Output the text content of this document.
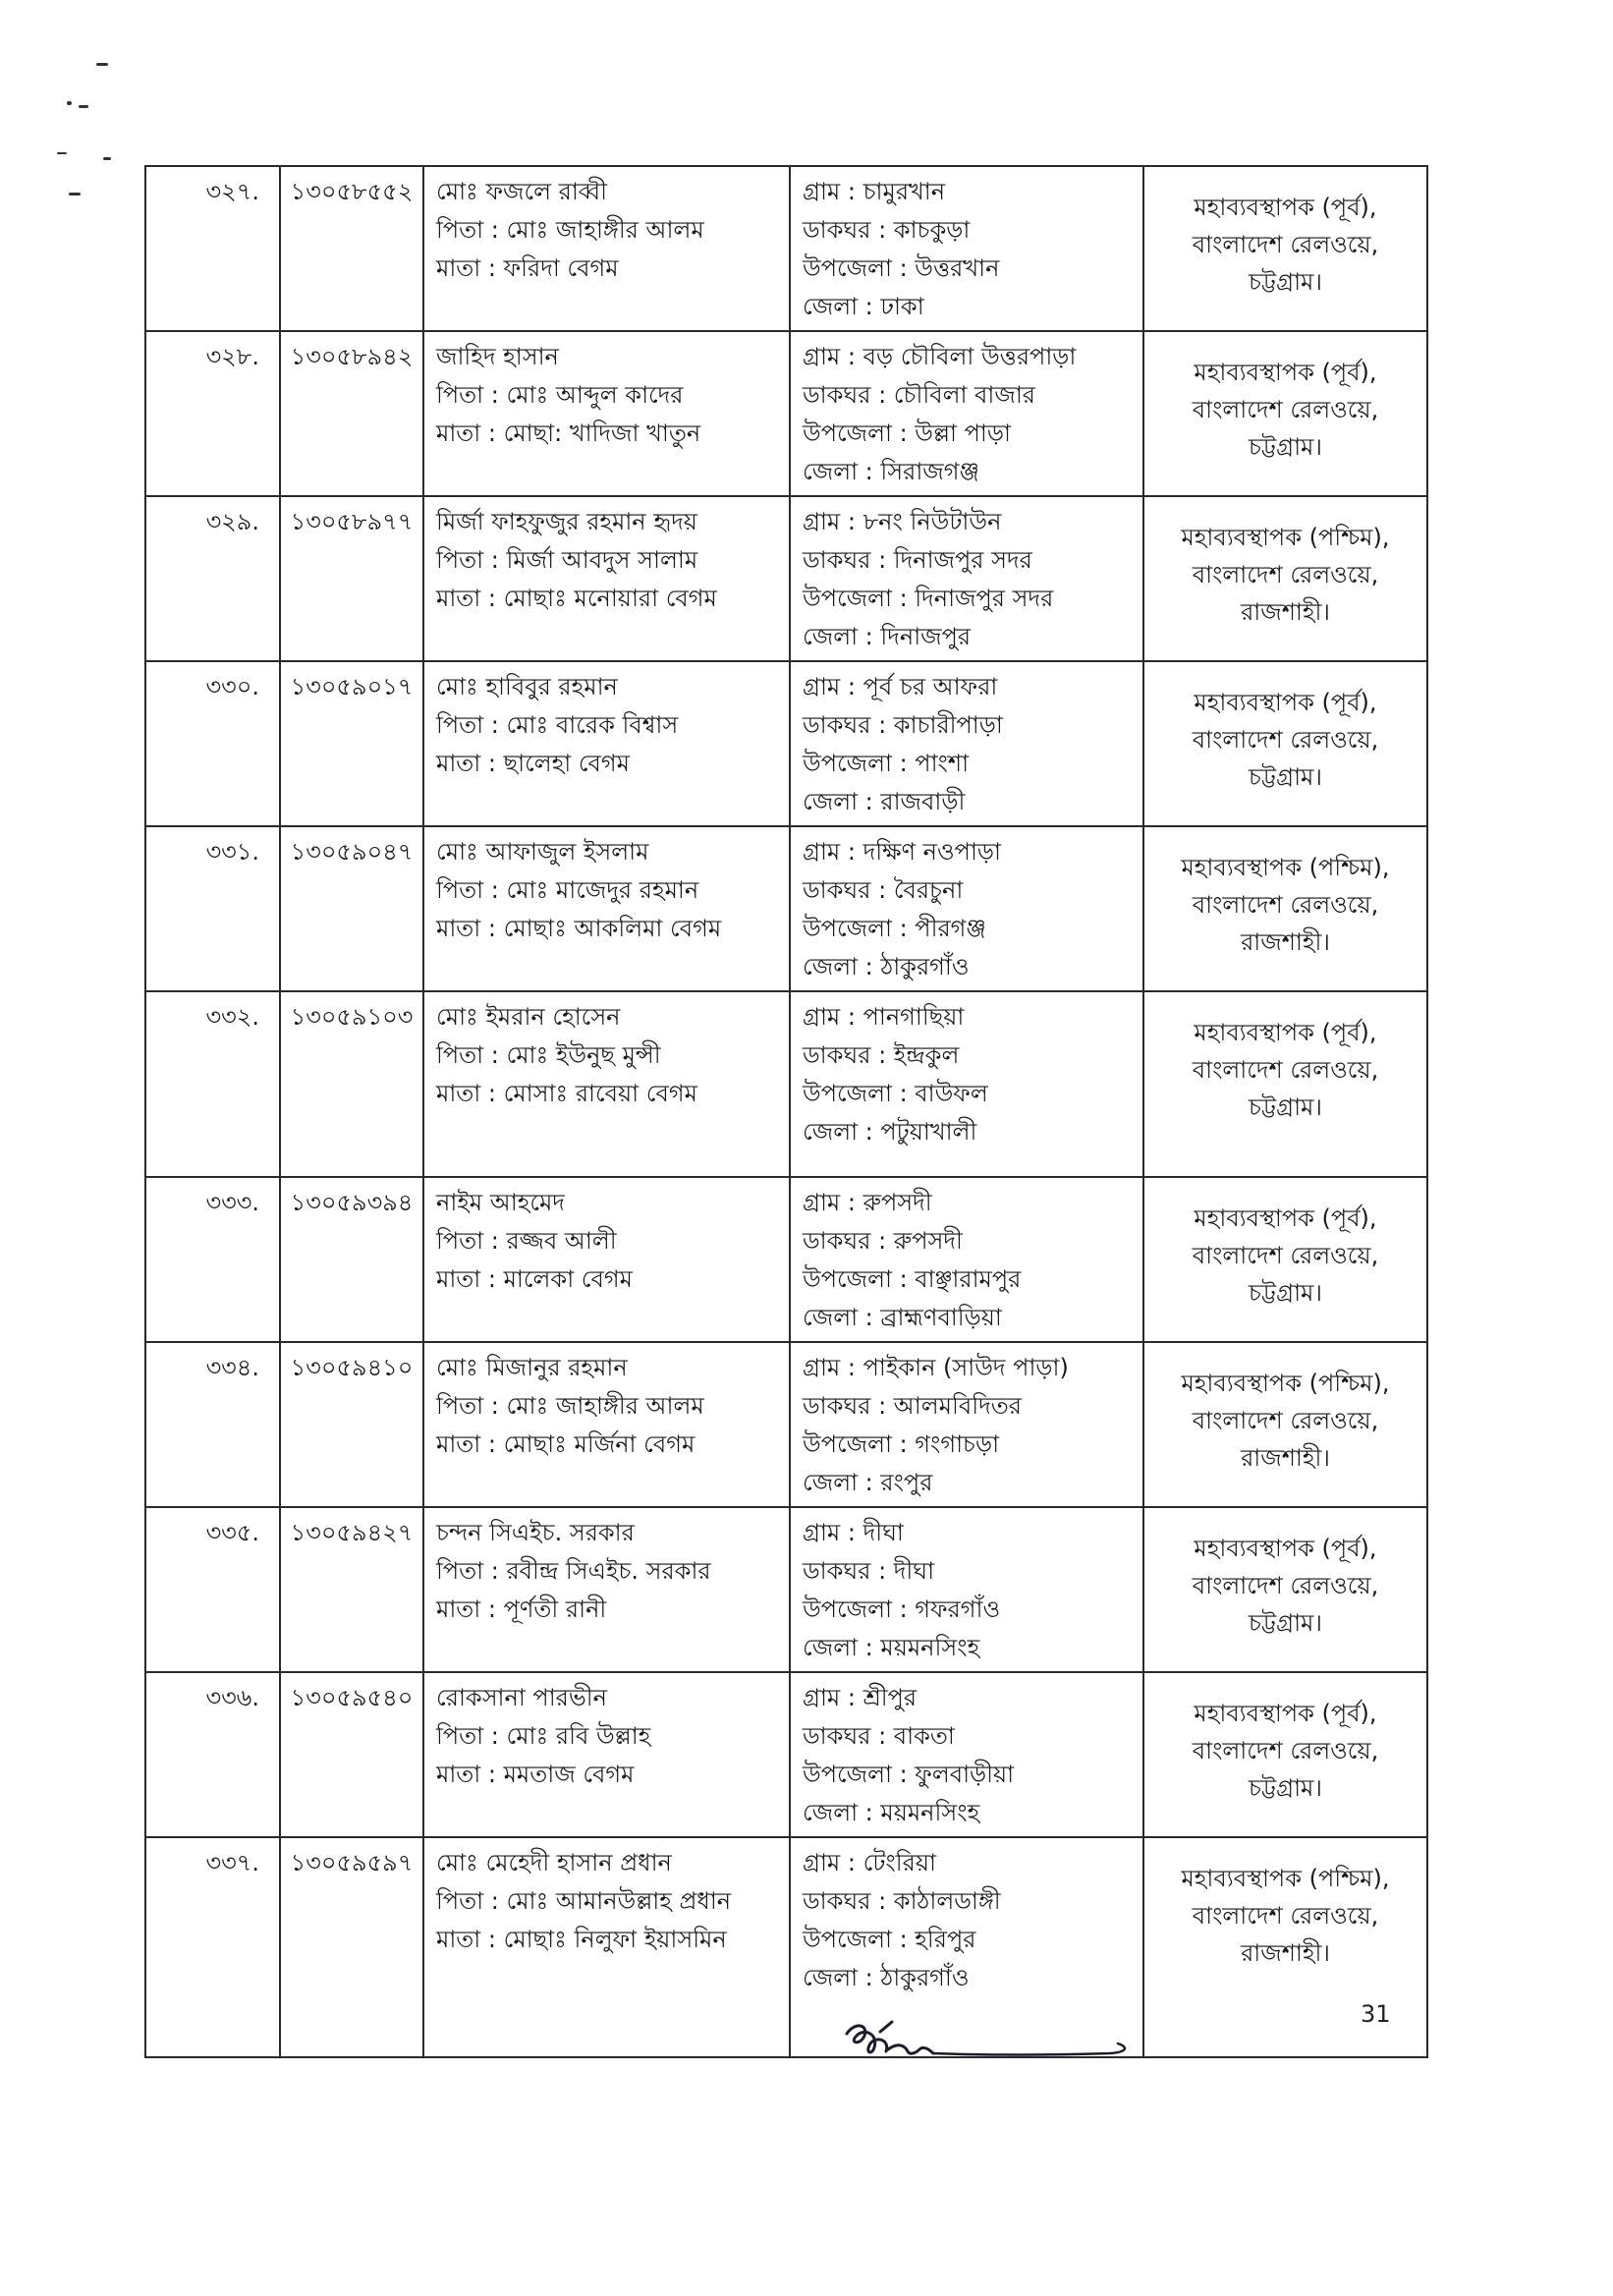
৩২৭.	১৩০৫৮৫৫২	মোঃ ফজলে রাব্বী
পিতা : মোঃ জাহাঙ্গীর আলম
মাতা : ফরিদা বেগম	গ্রাম : চামুরখান
ডাকঘর : কাচকুড়া
উপজেলা : উত্তরখান
জেলা : ঢাকা	মহাব্যবস্থাপক (পূর্ব),
বাংলাদেশ রেলওয়ে,
চট্টগ্রাম।

৩২৮.	১৩০৫৮৯৪২	জাহিদ হাসান
পিতা : মোঃ আব্দুল কাদের
মাতা : মোছা: খাদিজা খাতুন	গ্রাম : বড় চৌবিলা উত্তরপাড়া
ডাকঘর : চৌবিলা বাজার
উপজেলা : উল্লা পাড়া
জেলা : সিরাজগঞ্জ	মহাব্যবস্থাপক (পূর্ব),
বাংলাদেশ রেলওয়ে,
চট্টগ্রাম।

৩২৯.	১৩০৫৮৯৭৭	মির্জা ফাহফুজুর রহমান হৃদয়
পিতা : মির্জা আবদুস সালাম
মাতা : মোছাঃ মনোয়ারা বেগম	গ্রাম : ৮নং নিউটাউন
ডাকঘর : দিনাজপুর সদর
উপজেলা : দিনাজপুর সদর
জেলা : দিনাজপুর	মহাব্যবস্থাপক (পশ্চিম),
বাংলাদেশ রেলওয়ে,
রাজশাহী।

৩৩০.	১৩০৫৯০১৭	মোঃ হাবিবুর রহমান
পিতা : মোঃ বারেক বিশ্বাস
মাতা : ছালেহা বেগম	গ্রাম : পূর্ব চর আফরা
ডাকঘর : কাচারীপাড়া
উপজেলা : পাংশা
জেলা : রাজবাড়ী	মহাব্যবস্থাপক (পূর্ব),
বাংলাদেশ রেলওয়ে,
চট্টগ্রাম।

৩৩১.	১৩০৫৯০৪৭	মোঃ আফাজুল ইসলাম
পিতা : মোঃ মাজেদুর রহমান
মাতা : মোছাঃ আকলিমা বেগম	গ্রাম : দক্ষিণ নওপাড়া
ডাকঘর : বৈরচুনা
উপজেলা : পীরগঞ্জ
জেলা : ঠাকুরগাঁও	মহাব্যবস্থাপক (পশ্চিম),
বাংলাদেশ রেলওয়ে,
রাজশাহী।

৩৩২.	১৩০৫৯১০৩	মোঃ ইমরান হোসেন
পিতা : মোঃ ইউনুছ মুন্সী
মাতা : মোসাঃ রাবেয়া বেগম	গ্রাম : পানগাছিয়া
ডাকঘর : ইন্দ্রকুল
উপজেলা : বাউফল
জেলা : পটুয়াখালী	মহাব্যবস্থাপক (পূর্ব),
বাংলাদেশ রেলওয়ে,
চট্টগ্রাম।

৩৩৩.	১৩০৫৯৩৯৪	নাইম আহমেদ
পিতা : রজ্জব আলী
মাতা : মালেকা বেগম	গ্রাম : রুপসদী
ডাকঘর : রুপসদী
উপজেলা : বাঞ্ছারামপুর
জেলা : ব্রাহ্মণবাড়িয়া	মহাব্যবস্থাপক (পূর্ব),
বাংলাদেশ রেলওয়ে,
চট্টগ্রাম।

৩৩৪.	১৩০৫৯৪১০	মোঃ মিজানুর রহমান
পিতা : মোঃ জাহাঙ্গীর আলম
মাতা : মোছাঃ মর্জিনা বেগম	গ্রাম : পাইকান (সাউদ পাড়া)
ডাকঘর : আলমবিদিতর
উপজেলা : গংগাচড়া
জেলা : রংপুর	মহাব্যবস্থাপক (পশ্চিম),
বাংলাদেশ রেলওয়ে,
রাজশাহী।

৩৩৫.	১৩০৫৯৪২৭	চন্দন সিএইচ. সরকার
পিতা : রবীন্দ্র সিএইচ. সরকার
মাতা : পূর্ণতী রানী	গ্রাম : দীঘা
ডাকঘর : দীঘা
উপজেলা : গফরগাঁও
জেলা : ময়মনসিংহ	মহাব্যবস্থাপক (পূর্ব),
বাংলাদেশ রেলওয়ে,
চট্টগ্রাম।

৩৩৬.	১৩০৫৯৫৪০	রোকসানা পারভীন
পিতা : মোঃ রবি উল্লাহ
মাতা : মমতাজ বেগম	গ্রাম : শ্রীপুর
ডাকঘর : বাকতা
উপজেলা : ফুলবাড়ীয়া
জেলা : ময়মনসিংহ	মহাব্যবস্থাপক (পূর্ব),
বাংলাদেশ রেলওয়ে,
চট্টগ্রাম।

৩৩৭.	১৩০৫৯৫৯৭	মোঃ মেহেদী হাসান প্রধান
পিতা : মোঃ আমানউল্লাহ প্রধান
মাতা : মোছাঃ নিলুফা ইয়াসমিন	গ্রাম : টেংরিয়া
ডাকঘর : কাঠালডাঙ্গী
উপজেলা : হরিপুর
জেলা : ঠাকুরগাঁও	মহাব্যবস্থাপক (পশ্চিম),
বাংলাদেশ রেলওয়ে,
রাজশাহী।
31
